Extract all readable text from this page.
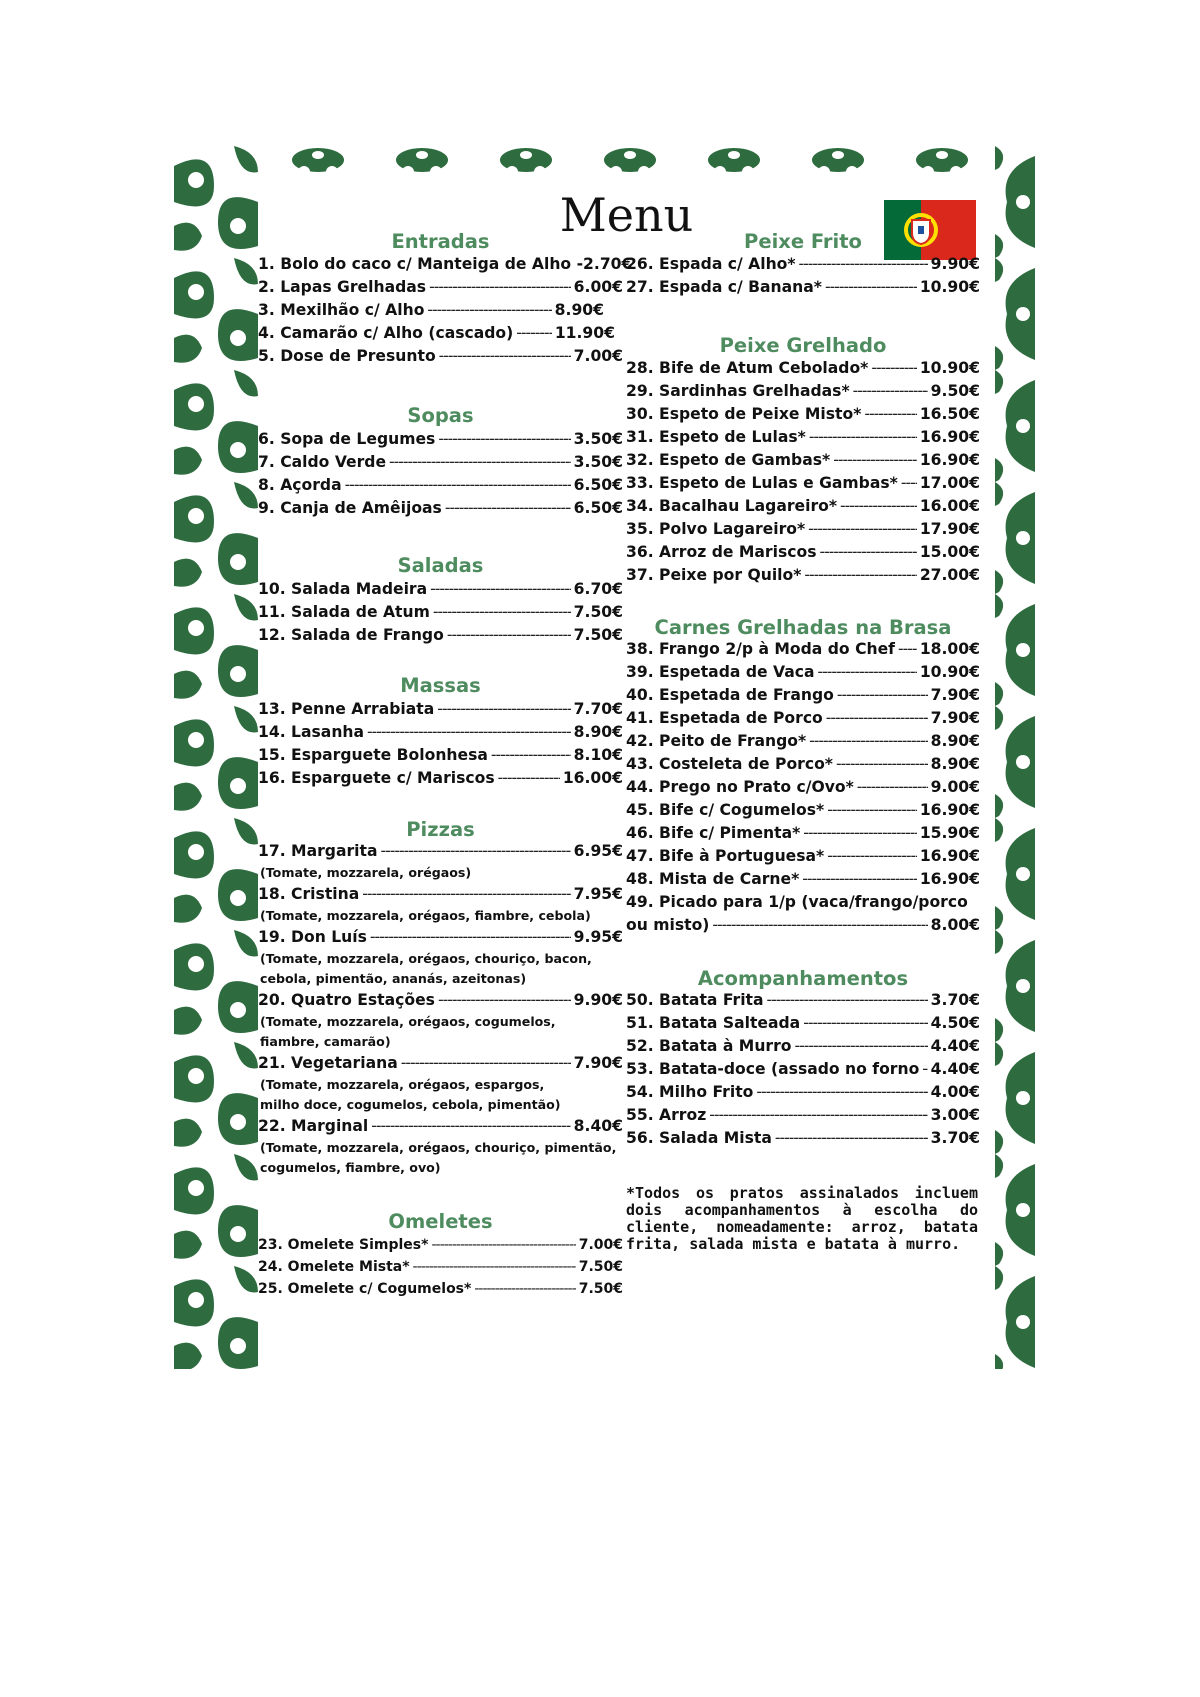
Menu
Entradas
1. Bolo do caco c/ Manteiga de Alho - 2.70€
2. Lapas Grelhadas -----	6.00€
3. Mexilhão c/ Alho -----	8.90€
4. Camarão c/ Alho (cascado) -----	11.90€
5. Dose de Presunto -----	7.00€
Sopas
6. Sopa de Legumes -----	3.50€
7. Caldo Verde -----	3.50€
8. Açorda -----	6.50€
9. Canja de Amêijoas -----	6.50€
Saladas
10. Salada Madeira -----	6.70€
11. Salada de Atum -----	7.50€
12. Salada de Frango -----	7.50€
Massas
13. Penne Arrabiata -----	7.70€
14. Lasanha -----	8.90€
15. Esparguete Bolonhesa -----	8.10€
16. Esparguete c/ Mariscos -----	16.00€
Pizzas
17. Margarita -----	6.95€
(Tomate, mozzarela, orégaos)
18. Cristina -----	7.95€
(Tomate, mozzarela, orégaos, fiambre, cebola)
19. Don Luís -----	9.95€
(Tomate, mozzarela, orégaos, chouriço, bacon,
cebola, pimentão, ananás, azeitonas)
20. Quatro Estações -----	9.90€
(Tomate, mozzarela, orégaos, cogumelos,
fiambre, camarão)
21. Vegetariana -----	7.90€
(Tomate, mozzarela, orégaos, espargos,
milho doce, cogumelos, cebola, pimentão)
22. Marginal -----	8.40€
(Tomate, mozzarela, orégaos, chouriço, pimentão,
cogumelos, fiambre, ovo)
Omeletes
23. Omelete Simples* -----	7.00€
24. Omelete Mista* -----	7.50€
25. Omelete c/ Cogumelos* -----	7.50€
Peixe Frito
26. Espada c/ Alho* -----	9.90€
27. Espada c/ Banana* -----	10.90€
Peixe Grelhado
28. Bife de Atum Cebolado* -----	10.90€
29. Sardinhas Grelhadas* -----	9.50€
30. Espeto de Peixe Misto* -----	16.50€
31. Espeto de Lulas* -----	16.90€
32. Espeto de Gambas* -----	16.90€
33. Espeto de Lulas e Gambas* ----- 17.00€
34. Bacalhau Lagareiro* -----	16.00€
35. Polvo Lagareiro* -----	17.90€
36. Arroz de Mariscos -----	15.00€
37. Peixe por Quilo* -----	27.00€
Carnes Grelhadas na Brasa
38. Frango 2/p à Moda do Chef ----- 18.00€
39. Espetada de Vaca -----	10.90€
40. Espetada de Frango -----	7.90€
41. Espetada de Porco -----	7.90€
42. Peito de Frango* -----	8.90€
43. Costeleta de Porco* -----	8.90€
44. Prego no Prato c/Ovo* -----	9.00€
45. Bife c/ Cogumelos* -----	16.90€
46. Bife c/ Pimenta* -----	15.90€
47. Bife à Portuguesa* -----	16.90€
48. Mista de Carne* -----	16.90€
49. Picado para 1/p (vaca/frango/porco
ou misto) -----	8.00€
Acompanhamentos
50. Batata Frita -----	3.70€
51. Batata Salteada -----	4.50€
52. Batata à Murro -----	4.40€
53. Batata-doce (assado no forno ----- 4.40€
54. Milho Frito -----	4.00€
55. Arroz -----	3.00€
56. Salada Mista -----	3.70€
*Todos os pratos assinalados incluem dois acompanhamentos à escolha do cliente, nomeadamente: arroz, batata frita, salada mista e batata à murro.
